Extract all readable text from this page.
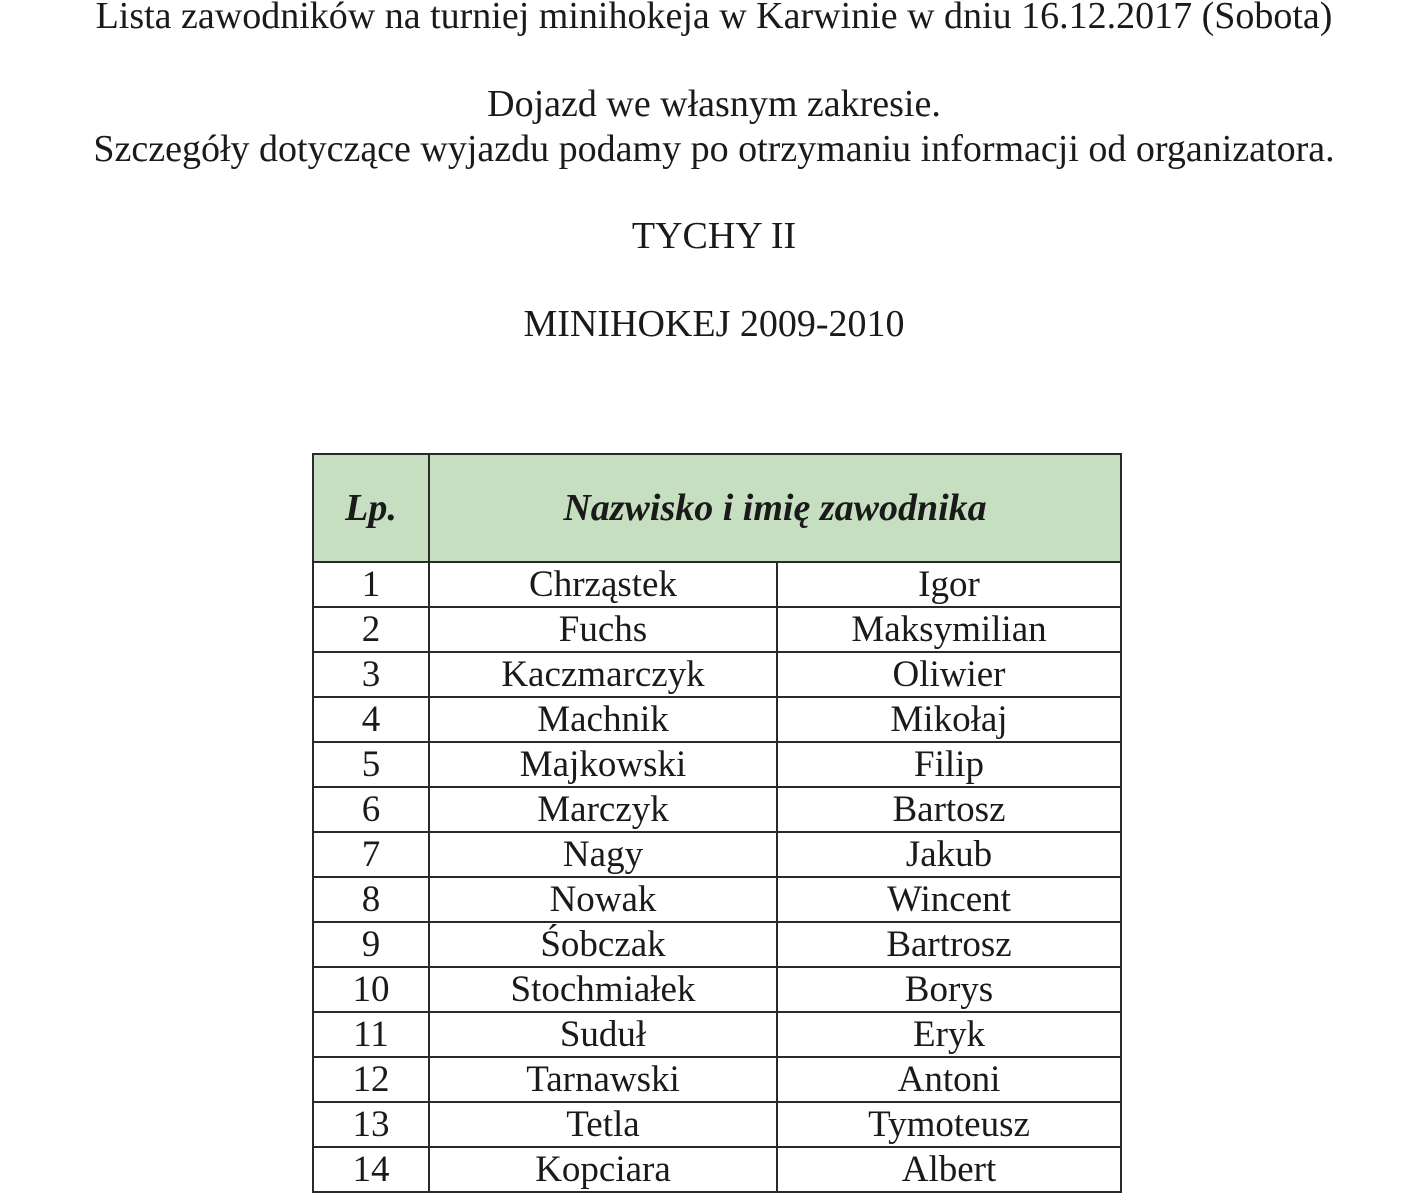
Lista zawodników na turniej minihokeja w Karwinie w dniu 16.12.2017 (Sobota)
Dojazd we własnym zakresie.
Szczegóły dotyczące wyjazdu podamy po otrzymaniu informacji od organizatora.
TYCHY II
MINIHOKEJ 2009-2010
Lp.	Nazwisko i imię zawodnika	
1	Chrząstek	Igor
2	Fuchs	Maksymilian
3	Kaczmarczyk	Oliwier
4	Machnik	Mikołaj
5	Majkowski	Filip
6	Marczyk	Bartosz
7	Nagy	Jakub
8	Nowak	Wincent
9	Śobczak	Bartrosz
10	Stochmiałek	Borys
11	Suduł	Eryk
12	Tarnawski	Antoni
13	Tetla	Tymoteusz
14	Kopciara	Albert
